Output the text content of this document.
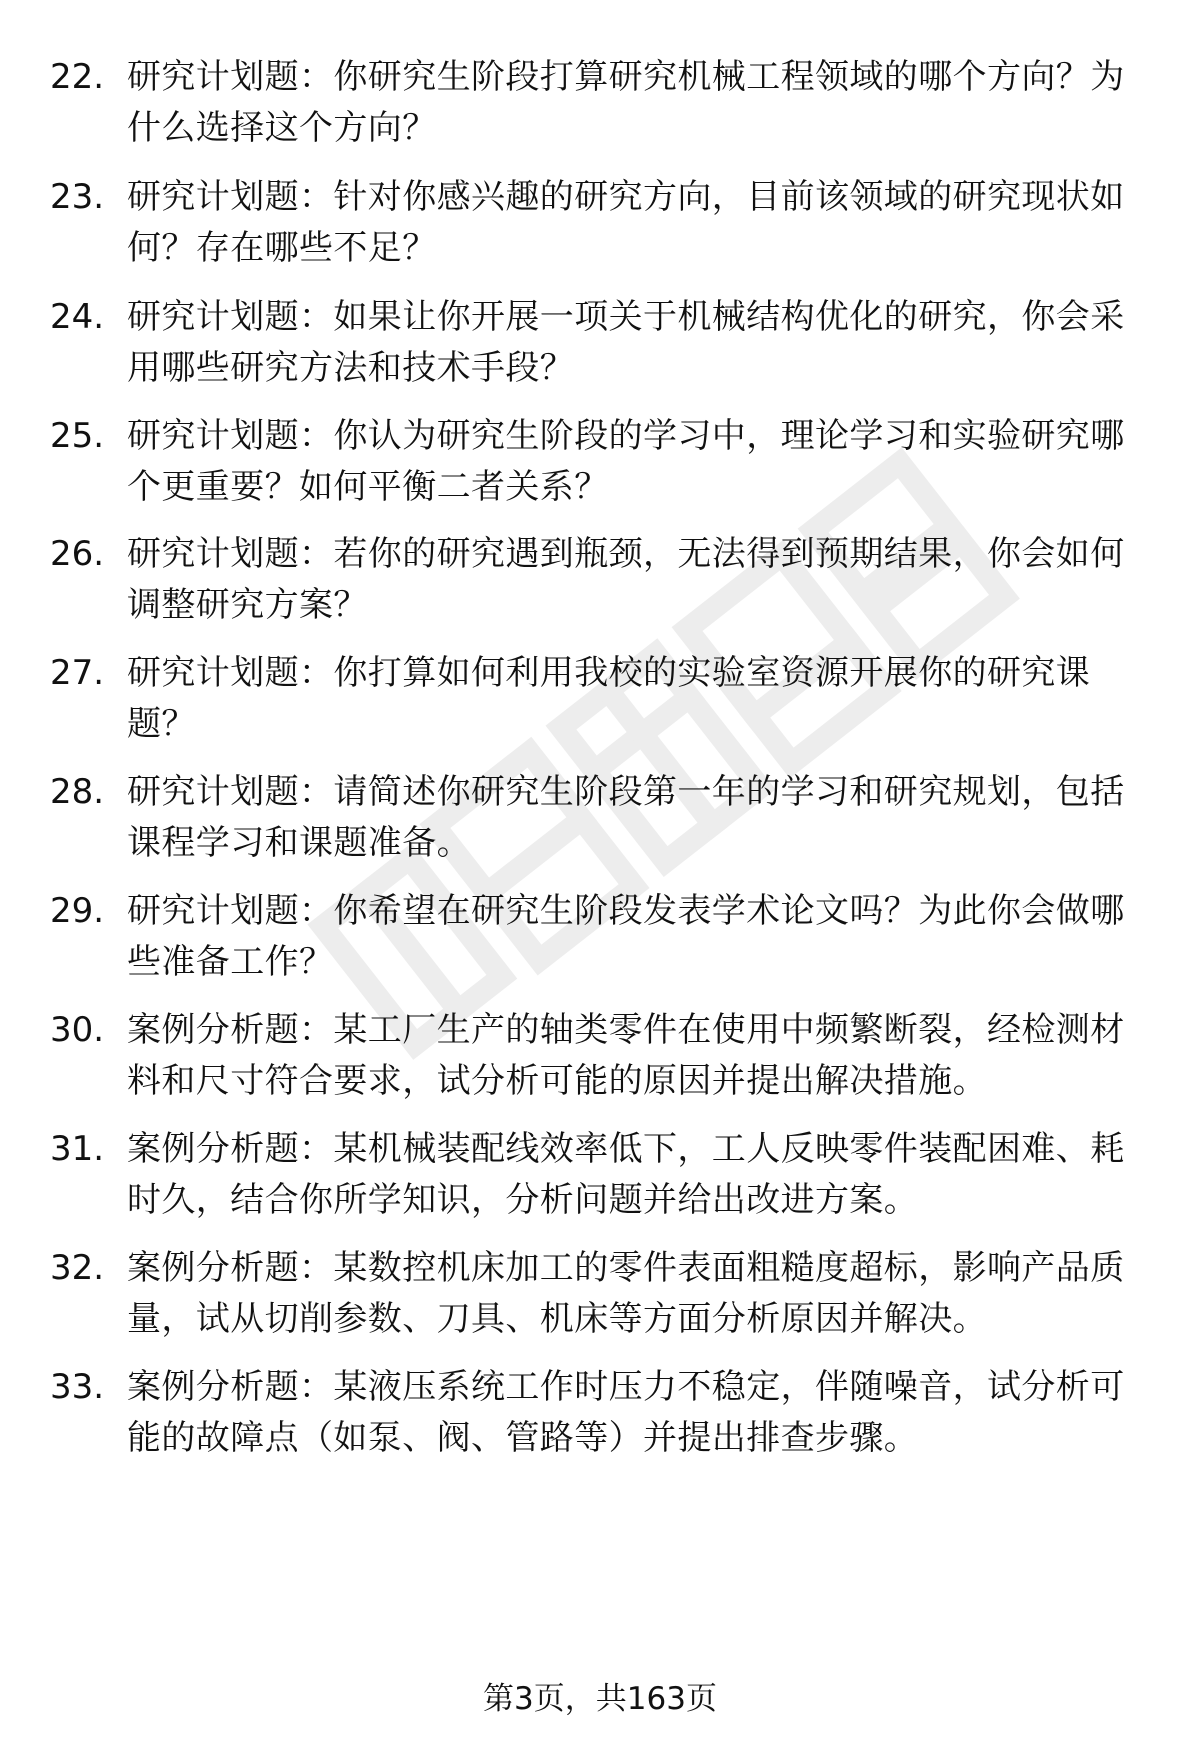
22. 研究计划题：你研究生阶段打算研究机械工程领域的哪个方向？为什么选择这个方向？
23. 研究计划题：针对你感兴趣的研究方向，目前该领域的研究现状如何？存在哪些不足？
24. 研究计划题：如果让你开展一项关于机械结构优化的研究，你会采用哪些研究方法和技术手段？
25. 研究计划题：你认为研究生阶段的学习中，理论学习和实验研究哪个更重要？如何平衡二者关系？
26. 研究计划题：若你的研究遇到瓶颈，无法得到预期结果，你会如何调整研究方案？
27. 研究计划题：你打算如何利用我校的实验室资源开展你的研究课题？
28. 研究计划题：请简述你研究生阶段第一年的学习和研究规划，包括课程学习和课题准备。
29. 研究计划题：你希望在研究生阶段发表学术论文吗？为此你会做哪些准备工作？
30. 案例分析题：某工厂生产的轴类零件在使用中频繁断裂，经检测材料和尺寸符合要求，试分析可能的原因并提出解决措施。
31. 案例分析题：某机械装配线效率低下，工人反映零件装配困难、耗时久，结合你所学知识，分析问题并给出改进方案。
32. 案例分析题：某数控机床加工的零件表面粗糙度超标，影响产品质量，试从切削参数、刀具、机床等方面分析原因并解决。
33. 案例分析题：某液压系统工作时压力不稳定，伴随噪音，试分析可能的故障点（如泵、阀、管路等）并提出排查步骤。
第3页，共163页
